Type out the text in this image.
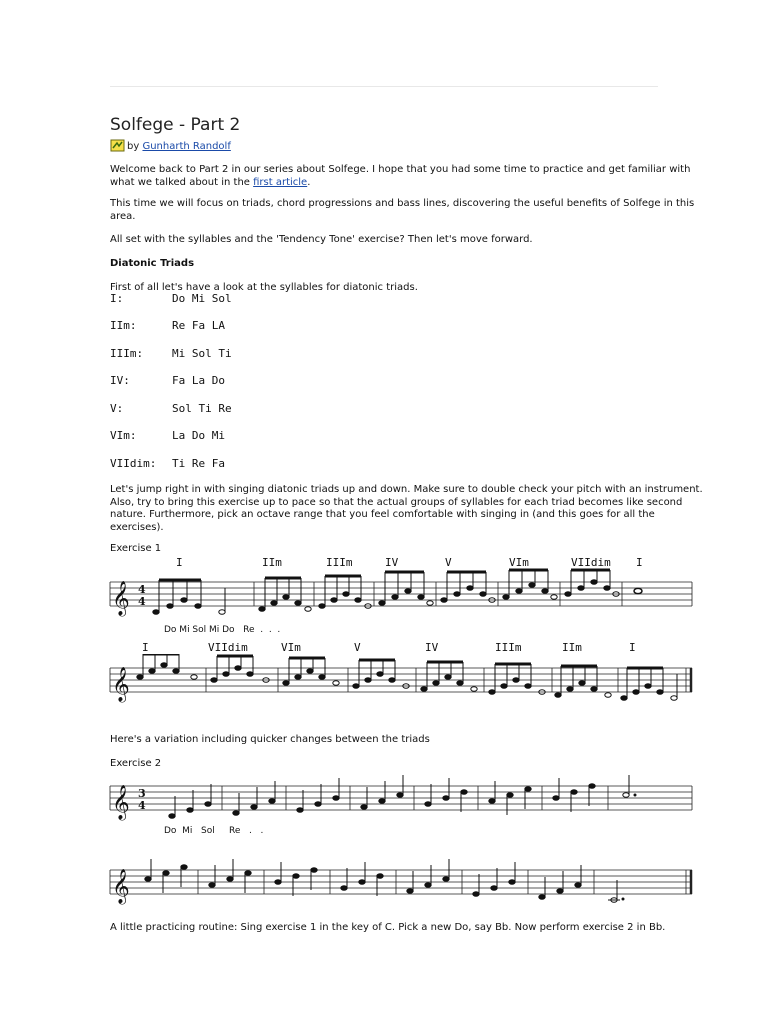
Solfege - Part 2
by
Gunharth Randolf
Welcome back to Part 2 in our series about Solfege. I hope that you had some time to practice and get familiar with what we talked about in the first article.
This time we will focus on triads, chord progressions and bass lines, discovering the useful benefits of Solfege in this area.
All set with the syllables and the 'Tendency Tone' exercise? Then let's move forward.
Diatonic Triads
First of all let's have a look at the syllables for diatonic triads.
I:	Do Mi Sol
IIm:	Re Fa LA
IIIm:	Mi Sol Ti
IV:	Fa La Do
V:	Sol Ti Re
VIm:	La Do Mi
VIIdim: Ti Re Fa
Let's jump right in with singing diatonic triads up and down. Make sure to double check your pitch with an instrument. Also, try to bring this exercise up to pace so that the actual groups of syllables for each triad becomes like second nature. Furthermore, pick an octave range that you feel comfortable with singing in (and this goes for all the exercises).
Exercise 1
I	IIm	IIIm	IV	V	VIm	VIIdim I
𝄞 4
4
Do Mi Sol Mi Do   Re  .  .  .
I	VIIdim	VIm	V	IV	IIIm	IIm	I
𝄞
Here's a variation including quicker changes between the triads
Exercise 2
𝄞 3
4
Do  Mi   Sol     Re   .   .
𝄞
A little practicing routine: Sing exercise 1 in the key of C. Pick a new Do, say Bb. Now perform exercise 2 in Bb.
